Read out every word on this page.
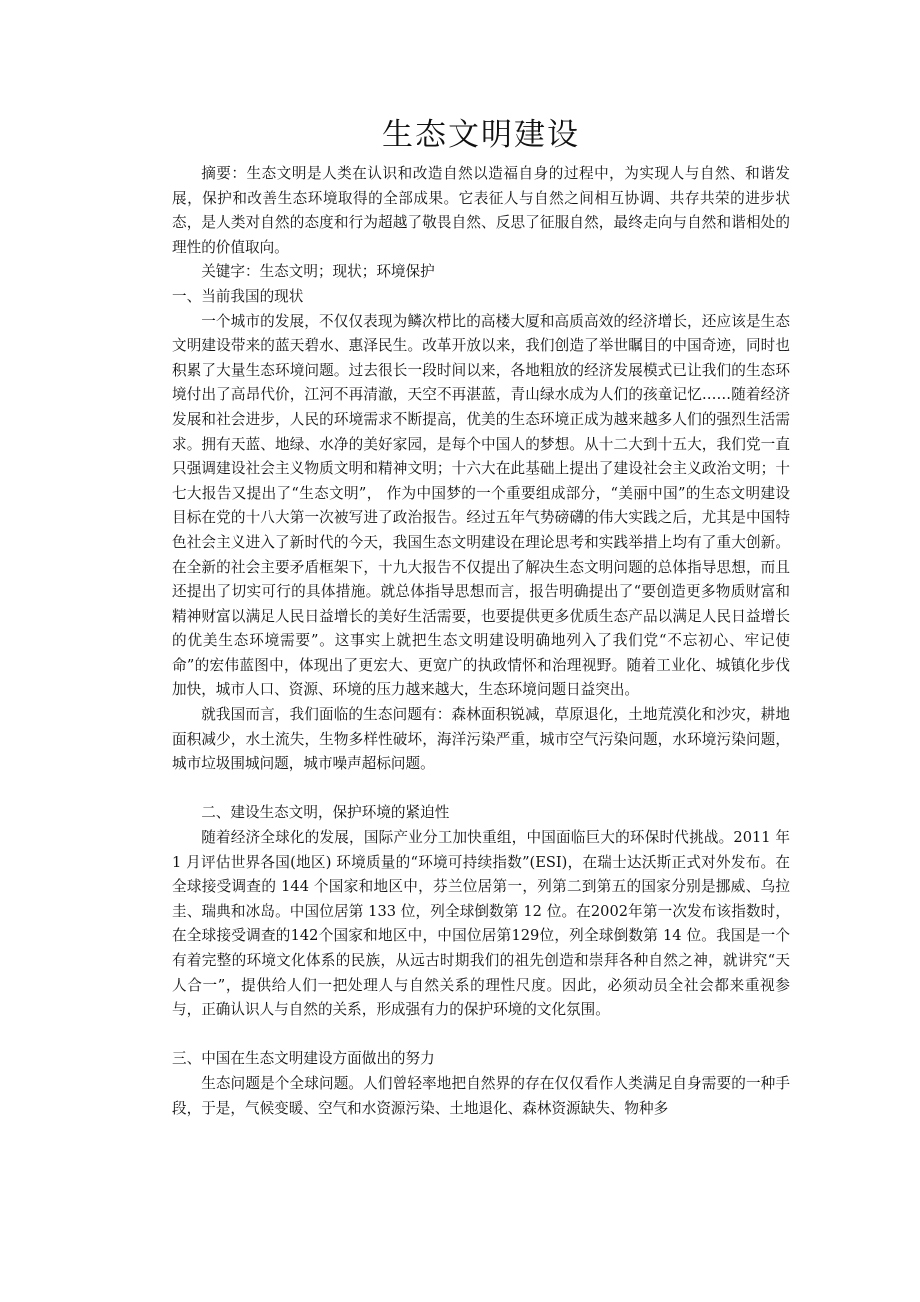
生态文明建设

摘要：生态文明是人类在认识和改造自然以造福自身的过程中，为实现人与自然、和谐发展，保护和改善生态环境取得的全部成果。它表征人与自然之间相互协调、共存共荣的进步状态，是人类对自然的态度和行为超越了敬畏自然、反思了征服自然，最终走向与自然和谐相处的理性的价值取向。

关键字：生态文明；现状；环境保护

一、当前我国的现状

一个城市的发展，不仅仅表现为鳞次栉比的高楼大厦和高质高效的经济增长，还应该是生态文明建设带来的蓝天碧水、惠泽民生。改革开放以来，我们创造了举世瞩目的中国奇迹，同时也积累了大量生态环境问题。过去很长一段时间以来，各地粗放的经济发展模式已让我们的生态环境付出了高昂代价，江河不再清澈，天空不再湛蓝，青山绿水成为人们的孩童记忆……随着经济发展和社会进步，人民的环境需求不断提高，优美的生态环境正成为越来越多人们的强烈生活需求。拥有天蓝、地绿、水净的美好家园，是每个中国人的梦想。从十二大到十五大，我们党一直只强调建设社会主义物质文明和精神文明；十六大在此基础上提出了建设社会主义政治文明；十七大报告又提出了“生态文明”， 作为中国梦的一个重要组成部分，“美丽中国”的生态文明建设目标在党的十八大第一次被写进了政治报告。经过五年气势磅礴的伟大实践之后，尤其是中国特色社会主义进入了新时代的今天，我国生态文明建设在理论思考和实践举措上均有了重大创新。在全新的社会主要矛盾框架下，十九大报告不仅提出了解决生态文明问题的总体指导思想，而且还提出了切实可行的具体措施。就总体指导思想而言，报告明确提出了“要创造更多物质财富和精神财富以满足人民日益增长的美好生活需要，也要提供更多优质生态产品以满足人民日益增长的优美生态环境需要”。这事实上就把生态文明建设明确地列入了我们党“不忘初心、牢记使命”的宏伟蓝图中，体现出了更宏大、更宽广的执政情怀和治理视野。随着工业化、城镇化步伐加快，城市人口、资源、环境的压力越来越大，生态环境问题日益突出。

就我国而言，我们面临的生态问题有：森林面积锐减，草原退化，土地荒漠化和沙灾，耕地面积减少，水土流失，生物多样性破坏，海洋污染严重，城市空气污染问题，水环境污染问题，城市垃圾围城问题，城市噪声超标问题。

二、建设生态文明，保护环境的紧迫性

随着经济全球化的发展，国际产业分工加快重组，中国面临巨大的环保时代挑战。2011 年 1 月评估世界各国(地区) 环境质量的“环境可持续指数”(ESI)，在瑞士达沃斯正式对外发布。在全球接受调查的 144 个国家和地区中，芬兰位居第一，列第二到第五的国家分别是挪威、乌拉圭、瑞典和冰岛。中国位居第 133 位，列全球倒数第 12 位。在2002年第一次发布该指数时，在全球接受调查的142个国家和地区中，中国位居第129位，列全球倒数第 14 位。我国是一个有着完整的环境文化体系的民族，从远古时期我们的祖先创造和崇拜各种自然之神，就讲究“天人合一”，提供给人们一把处理人与自然关系的理性尺度。因此，必须动员全社会都来重视参与，正确认识人与自然的关系，形成强有力的保护环境的文化氛围。

三、中国在生态文明建设方面做出的努力

生态问题是个全球问题。人们曾轻率地把自然界的存在仅仅看作人类满足自身需要的一种手段，于是，气候变暖、空气和水资源污染、土地退化、森林资源缺失、物种多
